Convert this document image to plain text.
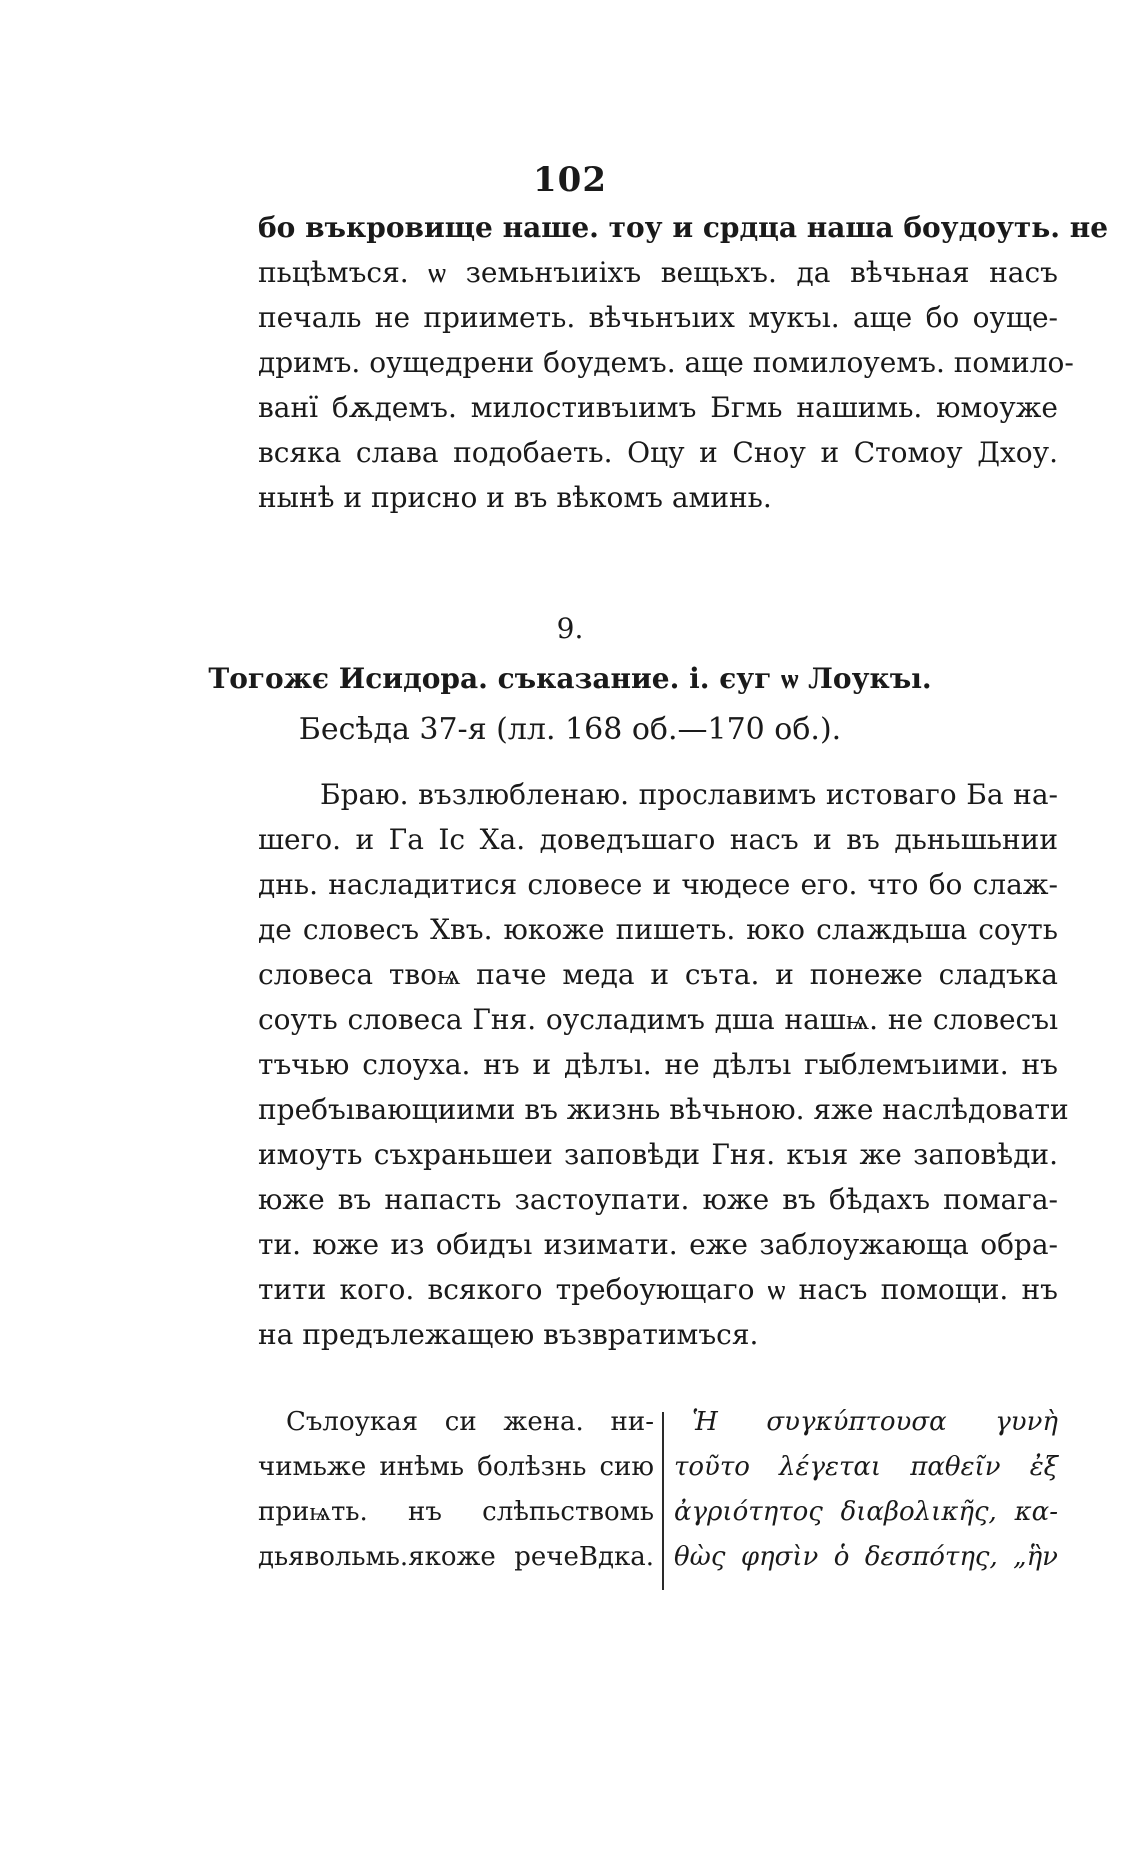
102
бо въкровище наше. тоу и срдца наша боудоуть. не
пьцѣмъся. ѡ земьнъıиіхъ вещьхъ. да вѣчьная насъ
печаль не прииметь. вѣчьнъıих мукъı. аще бо оуще-
дримъ. оущедрени боудемъ. аще помилоуемъ. помило-
ванї бѫдемъ. милостивъıимъ Бгмь нашимь. юмоуже
всяка слава подобаеть. Оцу и Сноу и Стомоу Дхоу.
нынѣ и присно и въ вѣкомъ аминь.
9.
Тогожє Исидора. съказание. і. єуг ѡ Лоукъı.
Бесѣда 37-я (лл. 168 об.—170 об.).
Браю. възлюбленаю. прославимъ истоваго Ба на-
шего. и Га Іс Ха. доведъшаго насъ и въ дьньшьнии
днь. насладитися словесе и чюдесе его. что бо слаж-
де словесъ Хвъ. юкоже пишеть. юко слаждьша соуть
словеса твоѩ паче меда и съта. и понеже сладъка
соуть словеса Гня. оусладимъ дша нашѩ. не словесъı
тъчью слоуха. нъ и дѣлъı. не дѣлъı гыблемъıими. нъ
пребъıвающиими въ жизнь вѣчьною. яже наслѣдовати
имоуть съхраньшеи заповѣди Гня. къıя же заповѣди.
юже въ напасть застоупати. юже въ бѣдахъ помага-
ти. юже из обидъı изимати. еже заблоужающа обра-
тити кого. всякого требоующаго ѡ насъ помощи. нъ
на предълежащею възвратимъся.
Сълоукая си жена. ни-
чимьже инѣмь болѣзнь сию
приѩть. нъ слѣпьствомь
дьявольмь.якоже речеВдка.
Ἡ συγκύπτουσα γυνὴ
τοῦτο λέγεται παθεῖν ἐξ
ἀγριότητος διαβολικῆς, κα-
θὼς φησὶν ὁ δεσπότης, „ἣν
